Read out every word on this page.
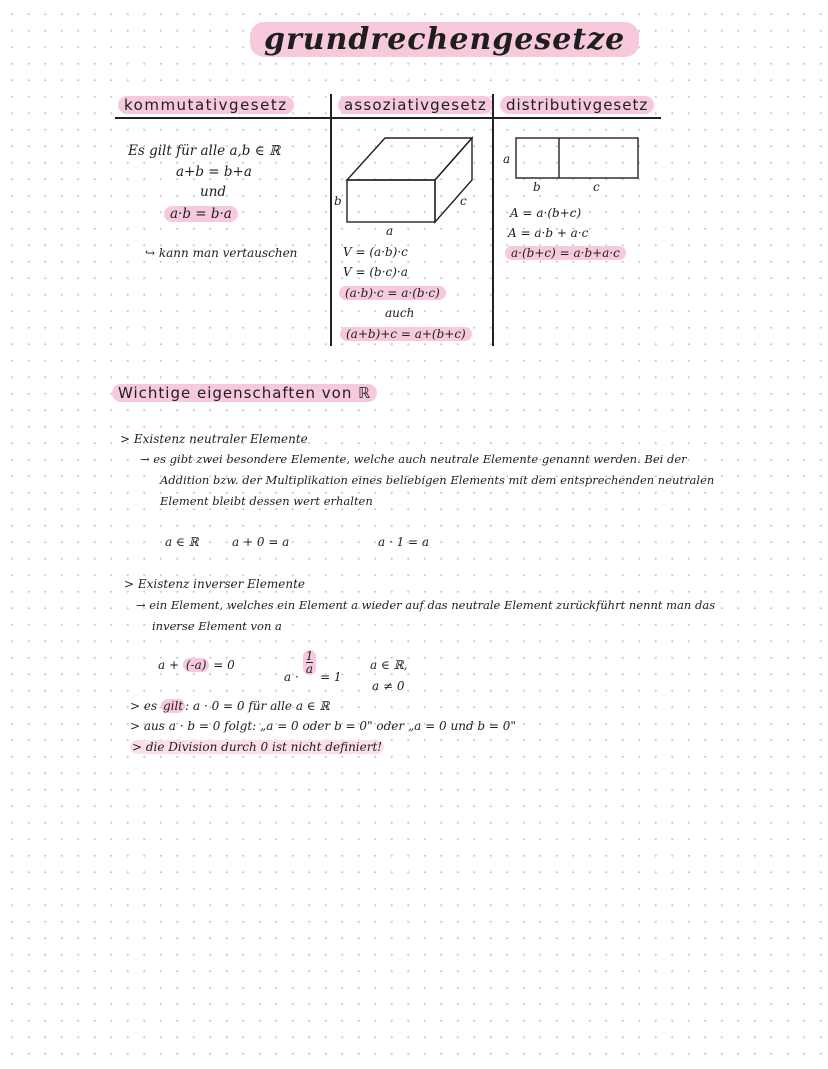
grundrechengesetze
kommutativgesetz	assoziativgesetz	distributivgesetz
Es gilt für alle a,b ∈ ℝ
a+b = b+a
und
a·b = b·a
↪ kann man vertauschen
b
a
c
V = (a·b)·c
V = (b·c)·a
(a·b)·c = a·(b·c)
auch
(a+b)+c = a+(b+c)
a
b	c
A = a·(b+c)
A = a·b + a·c
a·(b+c) = a·b+a·c
Wichtige eigenschaften von ℝ
> Existenz neutraler Elemente
→ es gibt zwei besondere Elemente, welche auch neutrale Elemente genannt werden. Bei der
Addition bzw. der Multiplikation eines beliebigen Elements mit dem entsprechenden neutralen
Element bleibt dessen wert erhalten
a ∈ ℝ	a + 0 = a	a · 1 = a
> Existenz inverser Elemente
→ ein Element, welches ein Element a wieder auf das neutrale Element zurückführt nennt man das
inverse Element von a
a + (-a) = 0
a ·
$\frac{1}{a}$
= 1
a ∈ ℝ,
a ≠ 0
> es gilt : a · 0 = 0 für alle a ∈ ℝ
> aus a · b = 0 folgt: „a = 0 oder b = 0" oder „a = 0 und b = 0"
> die Division durch 0 ist nicht definiert!
